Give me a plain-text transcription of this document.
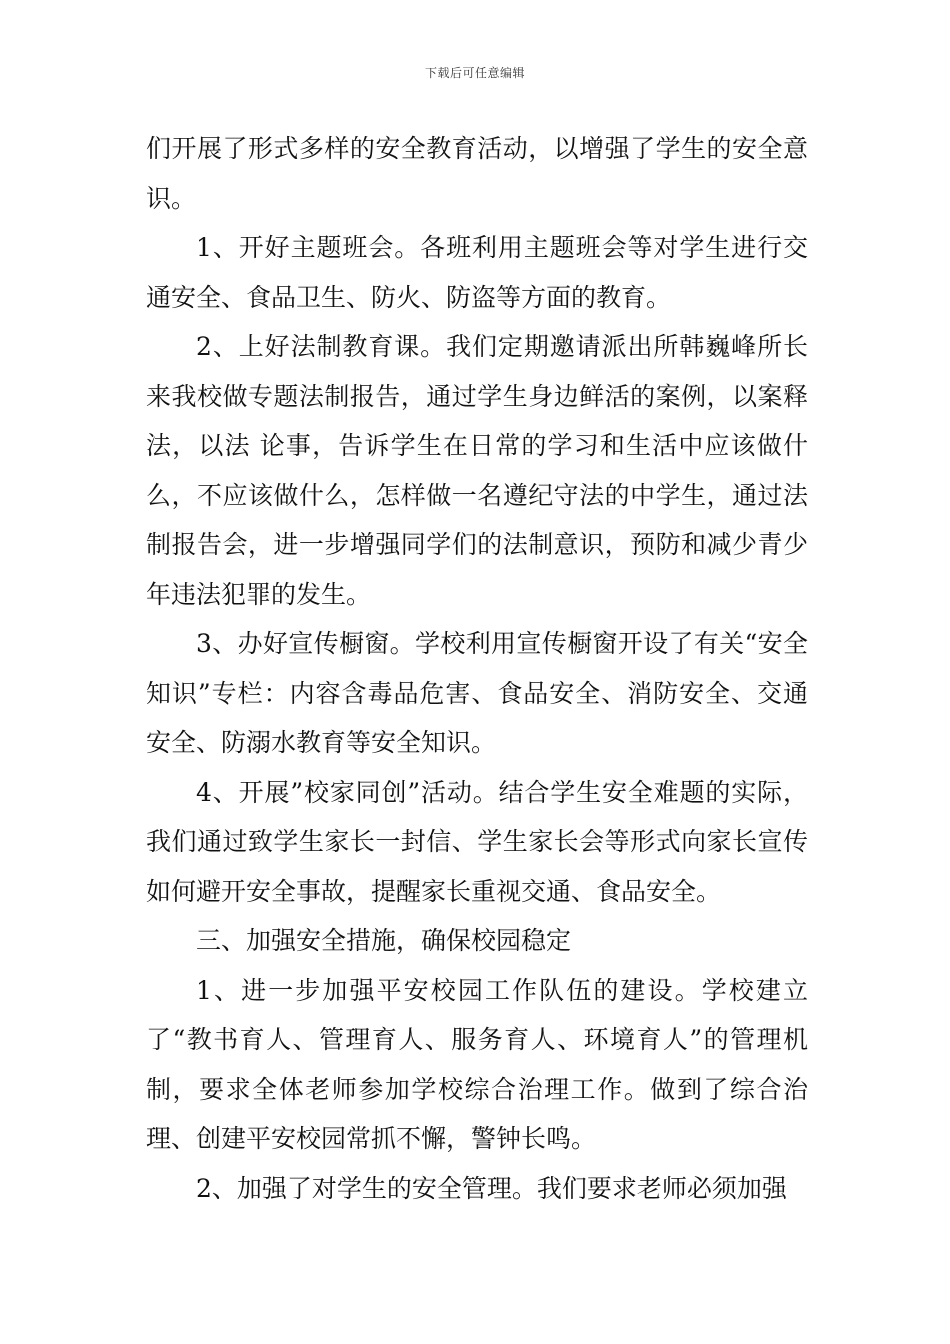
下载后可任意编辑

们开展了形式多样的安全教育活动，以增强了学生的安全意识。

1、开好主题班会。各班利用主题班会等对学生进行交通安全、食品卫生、防火、防盗等方面的教育。

2、上好法制教育课。我们定期邀请派出所韩巍峰所长来我校做专题法制报告，通过学生身边鲜活的案例，以案释法，以法 论事，告诉学生在日常的学习和生活中应该做什么，不应该做什么，怎样做一名遵纪守法的中学生，通过法制报告会，进一步增强同学们的法制意识，预防和减少青少年违法犯罪的发生。

3、办好宣传橱窗。学校利用宣传橱窗开设了有关“安全知识”专栏：内容含毒品危害、食品安全、消防安全、交通安全、防溺水教育等安全知识。

4、开展”校家同创”活动。结合学生安全难题的实际，我们通过致学生家长一封信、学生家长会等形式向家长宣传如何避开安全事故，提醒家长重视交通、食品安全。

三、加强安全措施，确保校园稳定

1、进一步加强平安校园工作队伍的建设。学校建立了“教书育人、管理育人、服务育人、环境育人”的管理机制，要求全体老师参加学校综合治理工作。做到了综合治理、创建平安校园常抓不懈，警钟长鸣。

2、加强了对学生的安全管理。我们要求老师必须加强
